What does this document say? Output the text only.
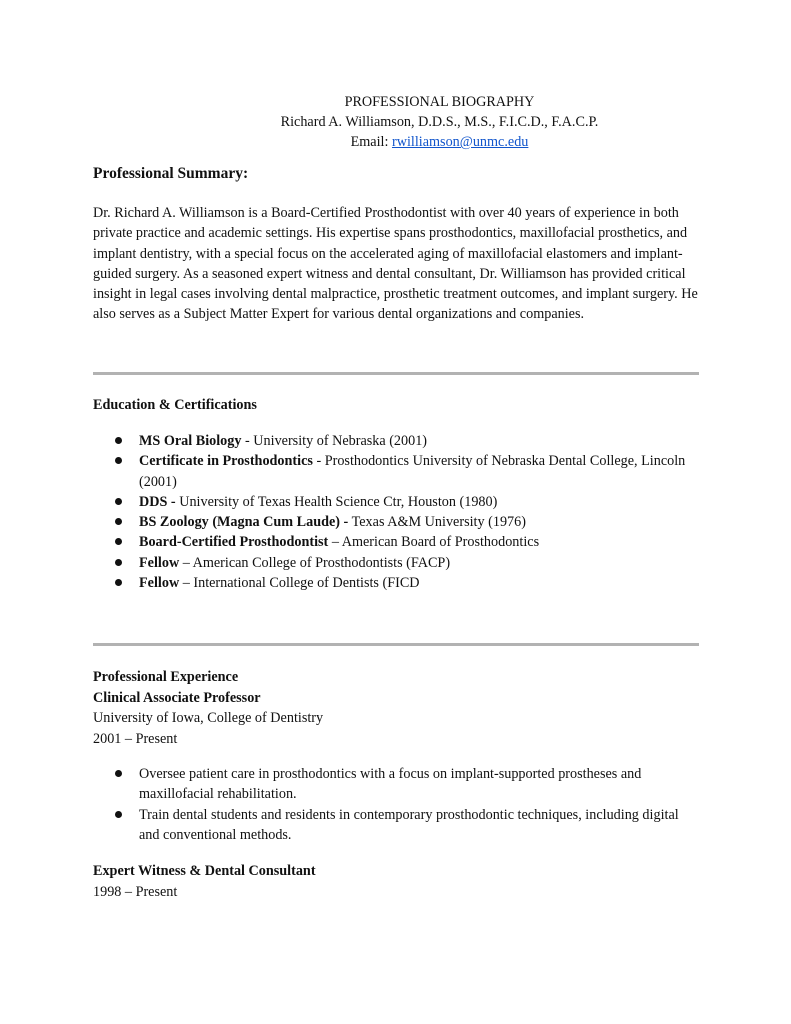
PROFESSIONAL BIOGRAPHY
Richard A. Williamson, D.D.S., M.S., F.I.C.D., F.A.C.P.
Email: rwilliamson@unmc.edu
Professional Summary:
Dr. Richard A. Williamson is a Board-Certified Prosthodontist with over 40 years of experience in both private practice and academic settings. His expertise spans prosthodontics, maxillofacial prosthetics, and implant dentistry, with a special focus on the accelerated aging of maxillofacial elastomers and implant-guided surgery. As a seasoned expert witness and dental consultant, Dr. Williamson has provided critical insight in legal cases involving dental malpractice, prosthetic treatment outcomes, and implant surgery. He also serves as a Subject Matter Expert for various dental organizations and companies.
Education & Certifications
MS Oral Biology - University of Nebraska (2001)
Certificate in Prosthodontics - Prosthodontics University of Nebraska Dental College, Lincoln (2001)
DDS - University of Texas Health Science Ctr, Houston (1980)
BS Zoology (Magna Cum Laude) - Texas A&M University (1976)
Board-Certified Prosthodontist – American Board of Prosthodontics
Fellow – American College of Prosthodontists (FACP)
Fellow – International College of Dentists (FICD
Professional Experience
Clinical Associate Professor
University of Iowa, College of Dentistry
2001 – Present
Oversee patient care in prosthodontics with a focus on implant-supported prostheses and maxillofacial rehabilitation.
Train dental students and residents in contemporary prosthodontic techniques, including digital and conventional methods.
Expert Witness & Dental Consultant
1998 – Present
